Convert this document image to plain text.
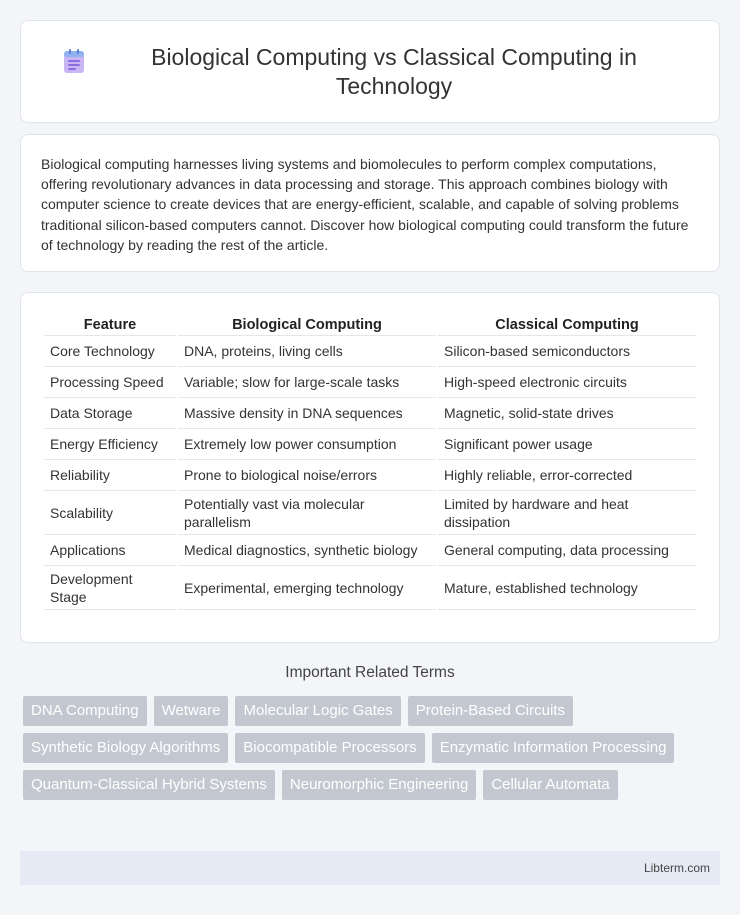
Biological Computing vs Classical Computing in Technology

Biological computing harnesses living systems and biomolecules to perform complex computations, offering revolutionary advances in data processing and storage. This approach combines biology with computer science to create devices that are energy-efficient, scalable, and capable of solving problems traditional silicon-based computers cannot. Discover how biological computing could transform the future of technology by reading the rest of the article.

Feature	Biological Computing	Classical Computing
Core Technology	DNA, proteins, living cells	Silicon-based semiconductors
Processing Speed	Variable; slow for large-scale tasks	High-speed electronic circuits
Data Storage	Massive density in DNA sequences	Magnetic, solid-state drives
Energy Efficiency	Extremely low power consumption	Significant power usage
Reliability	Prone to biological noise/errors	Highly reliable, error-corrected
Scalability	Potentially vast via molecular parallelism	Limited by hardware and heat dissipation
Applications	Medical diagnostics, synthetic biology	General computing, data processing
Development Stage	Experimental, emerging technology	Mature, established technology
Important Related Terms
DNA Computing	Wetware	Molecular Logic Gates	Protein-Based Circuits
Synthetic Biology Algorithms	Biocompatible Processors	Enzymatic Information Processing
Quantum-Classical Hybrid Systems	Neuromorphic Engineering	Cellular Automata
Libterm.com
